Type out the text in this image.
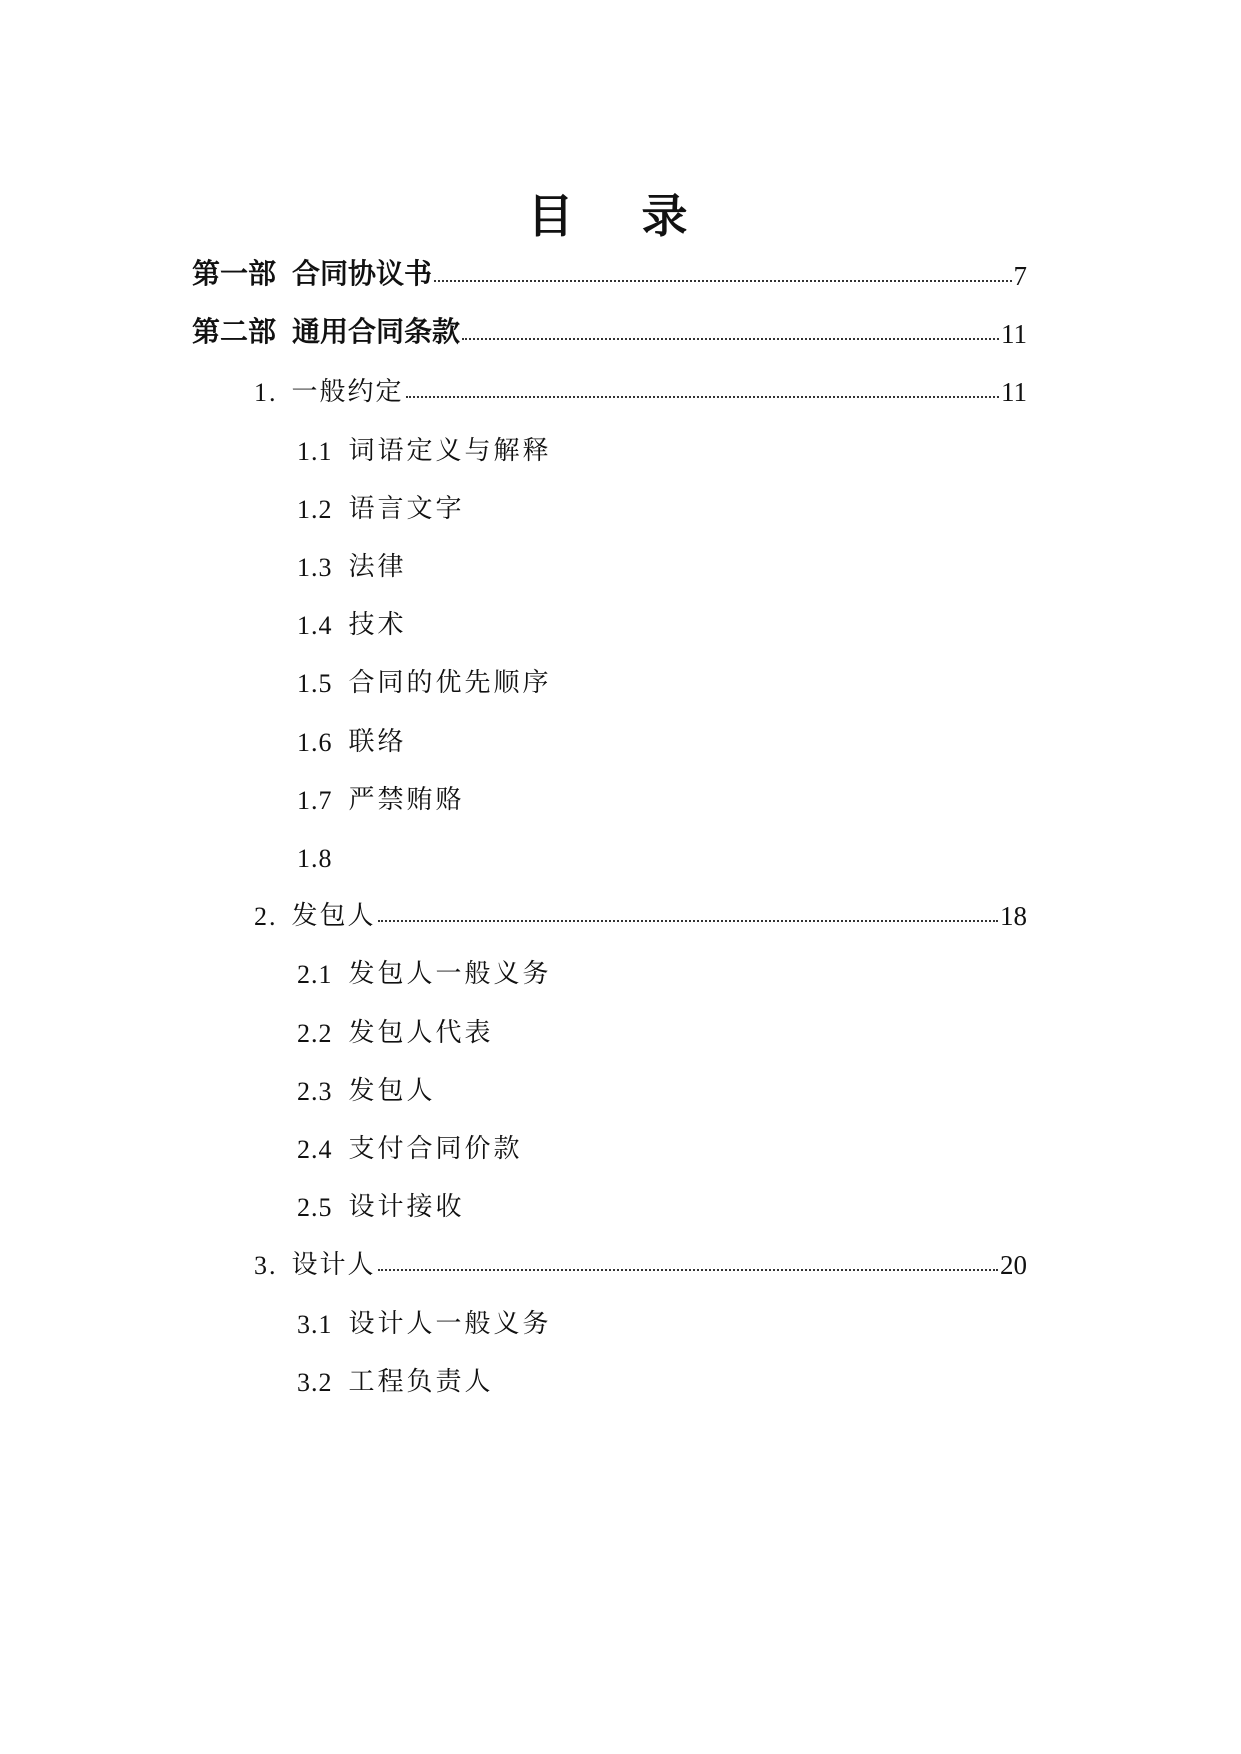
目 录
第一部 合同协议书	7
第二部 通用合同条款	11
1. 一般约定	11
1.1 词语定义与解释
1.2 语言文字
1.3 法律
1.4 技术
1.5 合同的优先顺序
1.6 联络
1.7 严禁贿赂
1.8
2. 发包人	18
2.1 发包人一般义务
2.2 发包人代表
2.3 发包人
2.4 支付合同价款
2.5 设计接收
3. 设计人	20
3.1 设计人一般义务
3.2 工程负责人
